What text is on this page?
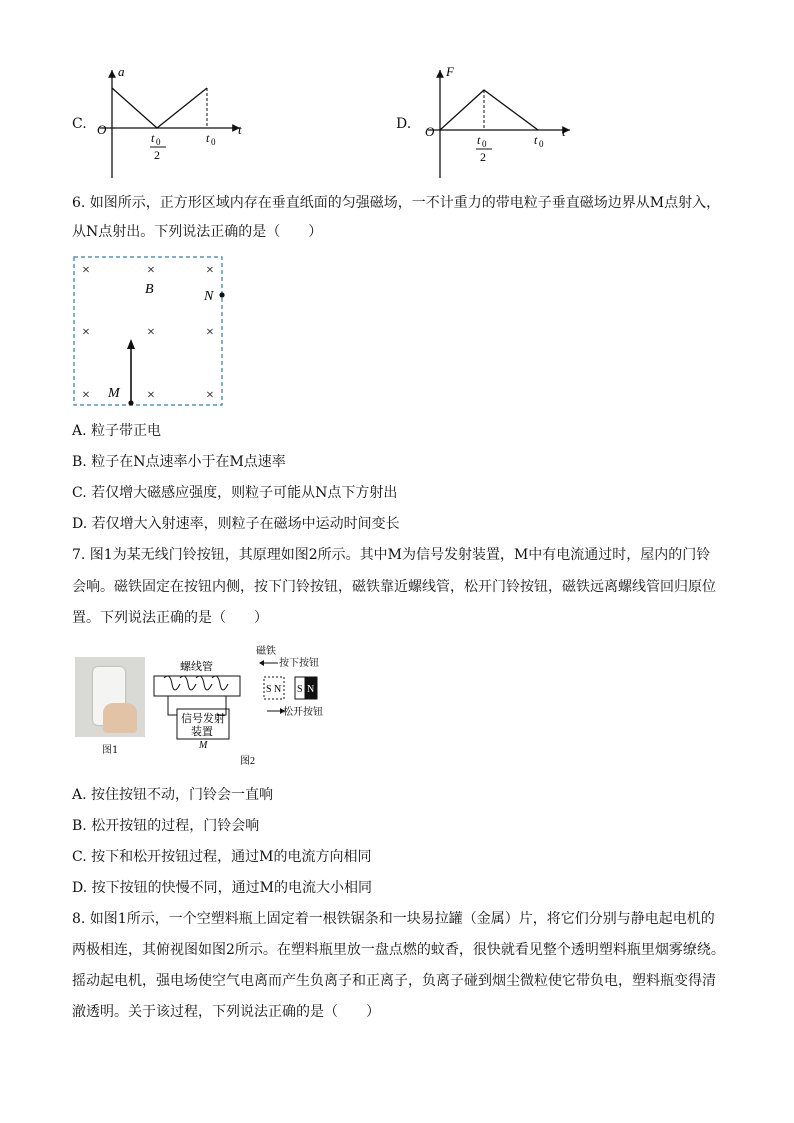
C.
a
t
O
t 0
2
t 0
D.
F
t
O
t 0
2
t 0
6. 如图所示，正方形区域内存在垂直纸面的匀强磁场，一不计重力的带电粒子垂直磁场边界从M点射入，
从N点射出。下列说法正确的是（　　）
×	×	×
×	×	×
×	×	×
B	N
M
A. 粒子带正电
B. 粒子在N点速率小于在M点速率
C. 若仅增大磁感应强度，则粒子可能从N点下方射出
D. 若仅增大入射速率，则粒子在磁场中运动时间变长
7. 图1为某无线门铃按钮，其原理如图2所示。其中M为信号发射装置，M中有电流通过时，屋内的门铃
会响。磁铁固定在按钮内侧，按下门铃按钮，磁铁靠近螺线管，松开门铃按钮，磁铁远离螺线管回归原位
置。下列说法正确的是（　　）
图1
螺线管
信号发射
装置
M
图2
磁铁
按下按钮
S N S N
松开按钮
A. 按住按钮不动，门铃会一直响
B. 松开按钮的过程，门铃会响
C. 按下和松开按钮过程，通过M的电流方向相同
D. 按下按钮的快慢不同，通过M的电流大小相同
8. 如图1所示，一个空塑料瓶上固定着一根铁锯条和一块易拉罐（金属）片，将它们分别与静电起电机的
两极相连，其俯视图如图2所示。在塑料瓶里放一盘点燃的蚊香，很快就看见整个透明塑料瓶里烟雾缭绕。
摇动起电机，强电场使空气电离而产生负离子和正离子，负离子碰到烟尘微粒使它带负电，塑料瓶变得清
澈透明。关于该过程，下列说法正确的是（　　）
